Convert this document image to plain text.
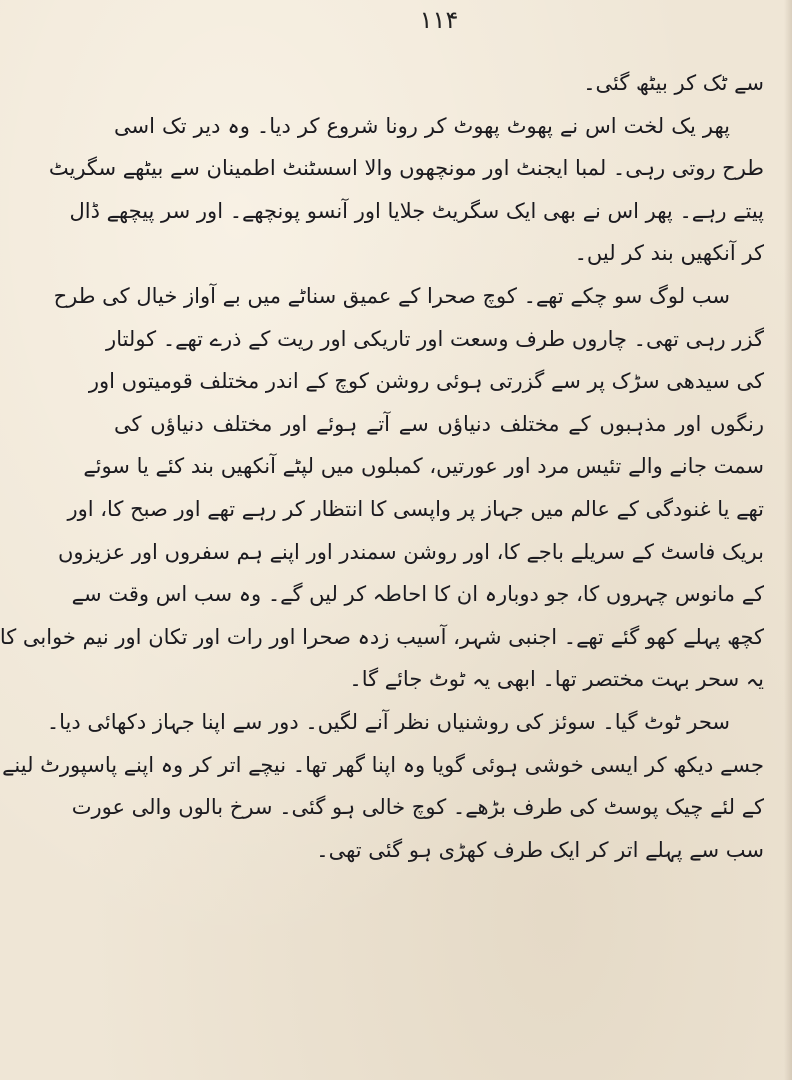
۱۱۴
سے ٹک کر بیٹھ گئی۔
پھر یک لخت اس نے پھوٹ پھوٹ کر رونا شروع کر دیا۔ وہ دیر تک اسی
طرح روتی رہی۔ لمبا ایجنٹ اور مونچھوں والا اسسٹنٹ اطمینان سے بیٹھے سگریٹ
پیتے رہے۔ پھر اس نے بھی ایک سگریٹ جلایا اور آنسو پونچھے۔ اور سر پیچھے ڈال
کر آنکھیں بند کر لیں۔
سب لوگ سو چکے تھے۔ کوچ صحرا کے عمیق سناٹے میں بے آواز خیال کی طرح
گزر رہی تھی۔ چاروں طرف وسعت اور تاریکی اور ریت کے ذرے تھے۔ کولتار
کی سیدھی سڑک پر سے گزرتی ہوئی روشن کوچ کے اندر مختلف قومیتوں اور
رنگوں اور مذہبوں کے مختلف دنیاؤں سے آتے ہوئے اور مختلف دنیاؤں کی
سمت جانے والے تئیس مرد اور عورتیں، کمبلوں میں لپٹے آنکھیں بند کئے یا سوئے
تھے یا غنودگی کے عالم میں جہاز پر واپسی کا انتظار کر رہے تھے اور صبح کا، اور
بریک فاسٹ کے سریلے باجے کا، اور روشن سمندر اور اپنے ہم سفروں اور عزیزوں
کے مانوس چہروں کا، جو دوبارہ ان کا احاطہ کر لیں گے۔ وہ سب اس وقت سے
کچھ پہلے کھو گئے تھے۔ اجنبی شہر، آسیب زدہ صحرا اور رات اور تکان اور نیم خوابی کا
یہ سحر بہت مختصر تھا۔ ابھی یہ ٹوٹ جائے گا۔
سحر ٹوٹ گیا۔ سوئز کی روشنیاں نظر آنے لگیں۔ دور سے اپنا جہاز دکھائی دیا۔
جسے دیکھ کر ایسی خوشی ہوئی گویا وہ اپنا گھر تھا۔ نیچے اتر کر وہ اپنے پاسپورٹ لینے
کے لئے چیک پوسٹ کی طرف بڑھے۔ کوچ خالی ہو گئی۔ سرخ بالوں والی عورت
سب سے پہلے اتر کر ایک طرف کھڑی ہو گئی تھی۔
